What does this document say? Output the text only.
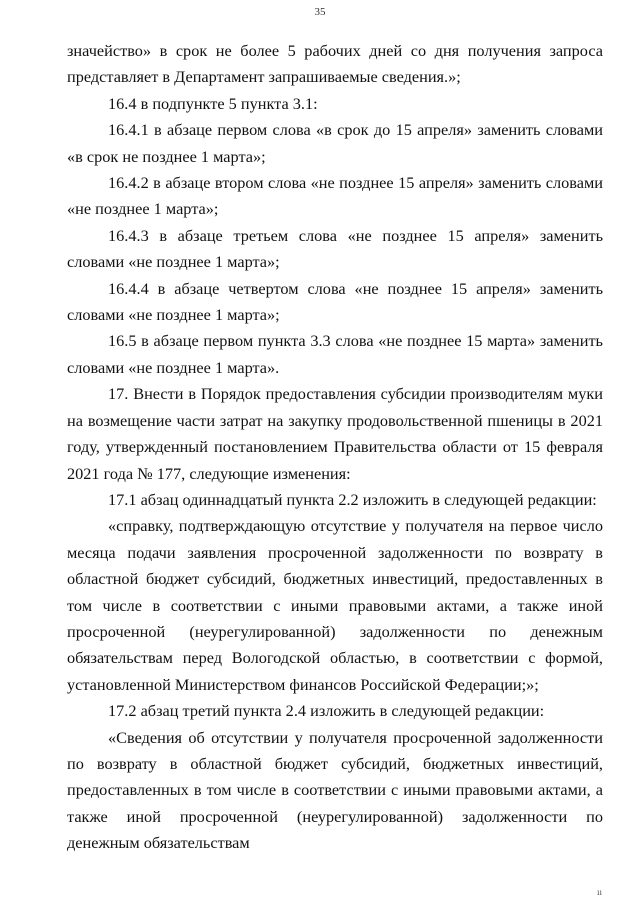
35

значейство» в срок не более 5 рабочих дней со дня получения запроса представляет в Департамент запрашиваемые сведения.»;

16.4 в подпункте 5 пункта 3.1:

16.4.1 в абзаце первом слова «в срок до 15 апреля» заменить словами «в срок не позднее 1 марта»;

16.4.2 в абзаце втором слова «не позднее 15 апреля» заменить словами «не позднее 1 марта»;

16.4.3 в абзаце третьем слова «не позднее 15 апреля» заменить словами «не позднее 1 марта»;

16.4.4 в абзаце четвертом слова «не позднее 15 апреля» заменить словами «не позднее 1 марта»;

16.5 в абзаце первом пункта 3.3 слова «не позднее 15 марта» заменить словами «не позднее 1 марта».

17. Внести в Порядок предоставления субсидии производителям муки на возмещение части затрат на закупку продовольственной пшеницы в 2021 году, утвержденный постановлением Правительства области от 15 февраля 2021 года № 177, следующие изменения:

17.1 абзац одиннадцатый пункта 2.2 изложить в следующей редакции:

«справку, подтверждающую отсутствие у получателя на первое число месяца подачи заявления просроченной задолженности по возврату в областной бюджет субсидий, бюджетных инвестиций, предоставленных в том числе в соответствии с иными правовыми актами, а также иной просроченной (неурегулированной) задолженности по денежным обязательствам перед Вологодской областью, в соответствии с формой, установленной Министерством финансов Российской Федерации;»;

17.2 абзац третий пункта 2.4 изложить в следующей редакции:

«Сведения об отсутствии у получателя просроченной задолженности по возврату в областной бюджет субсидий, бюджетных инвестиций, предоставленных в том числе в соответствии с иными правовыми актами, а также иной просроченной (неурегулированной) задолженности по денежным обязательствам

ıı
